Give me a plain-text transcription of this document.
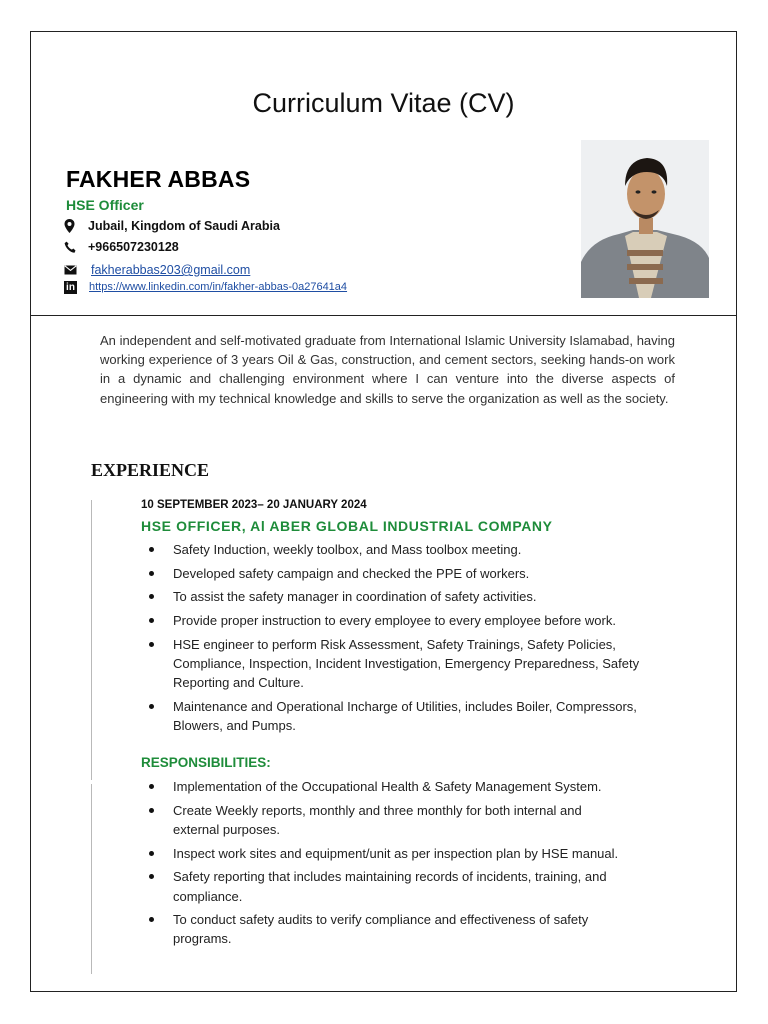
Curriculum Vitae (CV)
FAKHER ABBAS
HSE Officer
Jubail, Kingdom of Saudi Arabia
+966507230128
fakherabbas203@gmail.com
in https://www.linkedin.com/in/fakher-abbas-0a27641a4
An independent and self-motivated graduate from International Islamic University Islamabad, having working experience of 3 years Oil & Gas, construction, and cement sectors, seeking hands-on work in a dynamic and challenging environment where I can venture into the diverse aspects of engineering with my technical knowledge and skills to serve the organization as well as the society.
EXPERIENCE
10 SEPTEMBER 2023– 20 JANUARY 2024
HSE OFFICER, Al ABER GLOBAL INDUSTRIAL COMPANY
Safety Induction, weekly toolbox, and Mass toolbox meeting.
Developed safety campaign and checked the PPE of workers.
To assist the safety manager in coordination of safety activities.
Provide proper instruction to every employee to every employee before work.
HSE engineer to perform Risk Assessment, Safety Trainings, Safety Policies, Compliance, Inspection, Incident Investigation, Emergency Preparedness, Safety Reporting and Culture.
Maintenance and Operational Incharge of Utilities, includes Boiler, Compressors, Blowers, and Pumps.
RESPONSIBILITIES:
Implementation of the Occupational Health & Safety Management System.
Create Weekly reports, monthly and three monthly for both internal and external purposes.
Inspect work sites and equipment/unit as per inspection plan by HSE manual.
Safety reporting that includes maintaining records of incidents, training, and compliance.
To conduct safety audits to verify compliance and effectiveness of safety programs.
